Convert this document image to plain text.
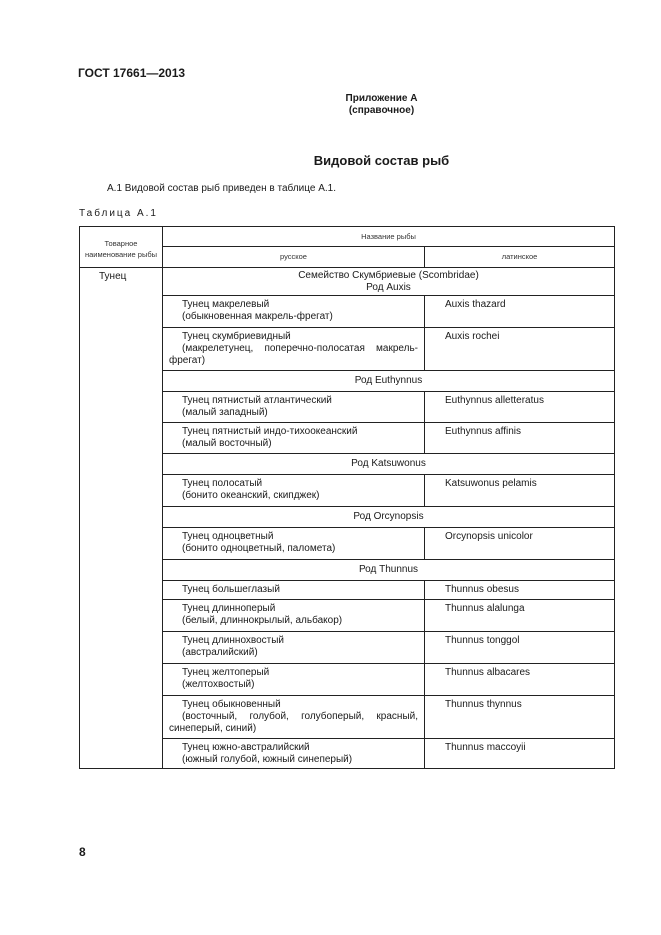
ГОСТ 17661—2013
Приложение А
(справочное)
Видовой состав рыб
А.1 Видовой состав рыб приведен в таблице А.1.
Таблица А.1
Товарное наименование рыбы	Название рыбы	
	русское	латинское
Тунец	Семейство Скумбриевые (Scombridae)
Род Auxis	

	Тунец макрелевый
(обыкновенная макрель-фрегат)	Auxis thazard

	Тунец скумбриевидный
(макрелетунец, поперечно-полосатая макрель-
фрегат)	Auxis rochei
	Род Euthynnus	

	Тунец пятнистый атлантический
(малый западный)	Euthynnus alletteratus

	Тунец пятнистый индо-тихоокеанский
(малый восточный)	Euthynnus affinis
	Род Katsuwonus	

	Тунец полосатый
(бонито океанский, скипджек)	Katsuwonus pelamis
	Род Orcynopsis	

	Тунец одноцветный
(бонито одноцветный, паломета)	Orcynopsis unicolor
	Род Thunnus	

	Тунец большеглазый	Thunnus obesus

	Тунец длинноперый
(белый, длиннокрылый, альбакор)	Thunnus alalunga

	Тунец длиннохвостый
(австралийский)	Thunnus tonggol

	Тунец желтоперый
(желтохвостый)	Thunnus albacares

	Тунец обыкновенный
(восточный, голубой, голубоперый, красный,
синеперый, синий)	Thunnus thynnus

	Тунец южно-австралийский
(южный голубой, южный синеперый)	Thunnus maccoyii
8
